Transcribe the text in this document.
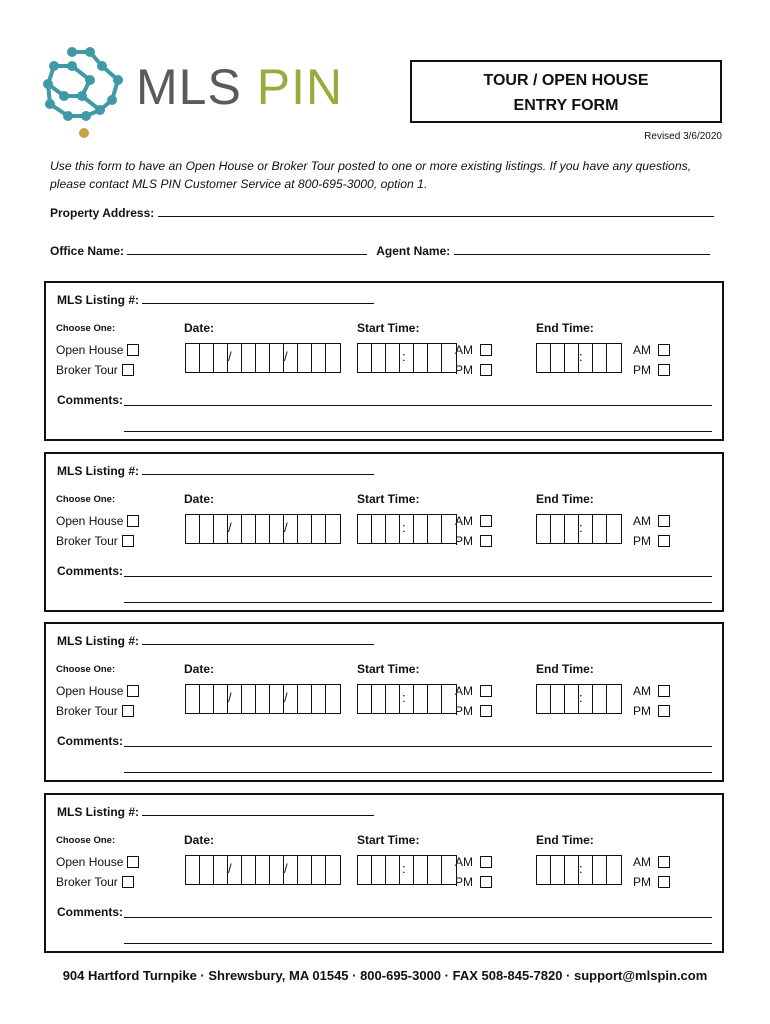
MLS PIN	TOUR / OPEN HOUSE
ENTRY FORM
Revised 3/6/2020
Use this form to have an Open House or Broker Tour posted to one or more existing listings. If you have any questions, please contact MLS PIN Customer Service at 800-695-3000, option 1.
Property Address:
Office Name:	Agent Name:
MLS Listing #:
Choose One:	Date:	Start Time:	End Time:
Open House
Broker Tour
/	/	:	AM
PM
:	AM
PM
Comments:
MLS Listing #:
Choose One:	Date:	Start Time:	End Time:
Open House
Broker Tour
/	/	:	AM
PM
:	AM
PM
Comments:
MLS Listing #:
Choose One:	Date:	Start Time:	End Time:
Open House
Broker Tour
/	/	:	AM
PM
:	AM
PM
Comments:
MLS Listing #:
Choose One:	Date:	Start Time:	End Time:
Open House
Broker Tour
/	/	:	AM
PM
:	AM
PM
Comments:
904 Hartford Turnpike · Shrewsbury, MA 01545 · 800-695-3000 · FAX 508-845-7820 · support@mlspin.com
